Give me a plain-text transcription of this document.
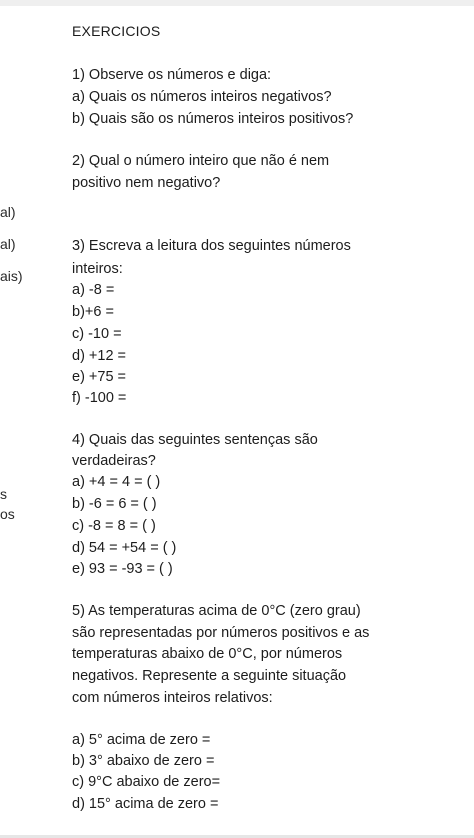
al)
al)
ais)
s
os
EXERCICIOS
1) Observe os números e diga:
a) Quais os números inteiros negativos?
b) Quais são os números inteiros positivos?
2) Qual o número inteiro que não é nem
positivo nem negativo?
3) Escreva a leitura dos seguintes números
inteiros:
a) -8 =
b)+6 =
c) -10 =
d) +12 =
e) +75 =
f) -100 =
4) Quais das seguintes sentenças são
verdadeiras?
a) +4 = 4 = ( )
b) -6 = 6 = ( )
c) -8 = 8 = ( )
d) 54 = +54 = ( )
e) 93 = -93 = ( )
5) As temperaturas acima de 0°C (zero grau)
são representadas por números positivos e as
temperaturas abaixo de 0°C, por números
negativos. Represente a seguinte situação
com números inteiros relativos:
a) 5° acima de zero =
b) 3° abaixo de zero =
c) 9°C abaixo de zero=
d) 15° acima de zero =
